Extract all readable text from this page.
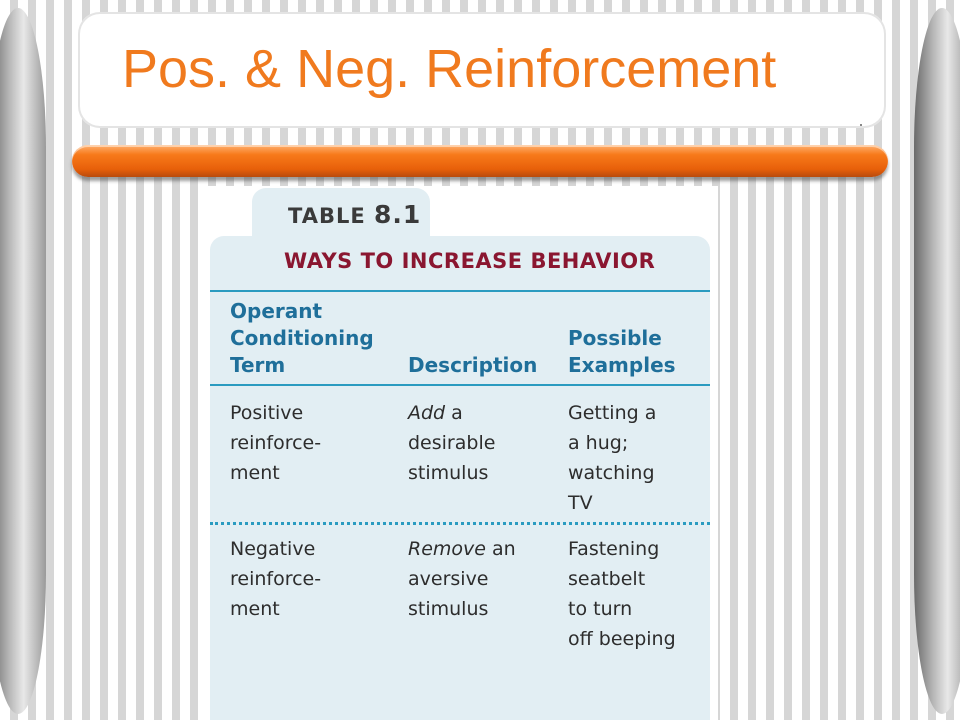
Pos. & Neg. Reinforcement

TABLE 8.1

WAYS TO INCREASE BEHAVIOR

Operant
Conditioning
Term	Description

Possible
Examples

Positive
reinforce-
ment

Add a
desirable
stimulus

Getting a
a hug;
watching
TV

Negative
reinforce-
ment

Remove an
aversive
stimulus

Fastening
seatbelt
to turn
off beeping
